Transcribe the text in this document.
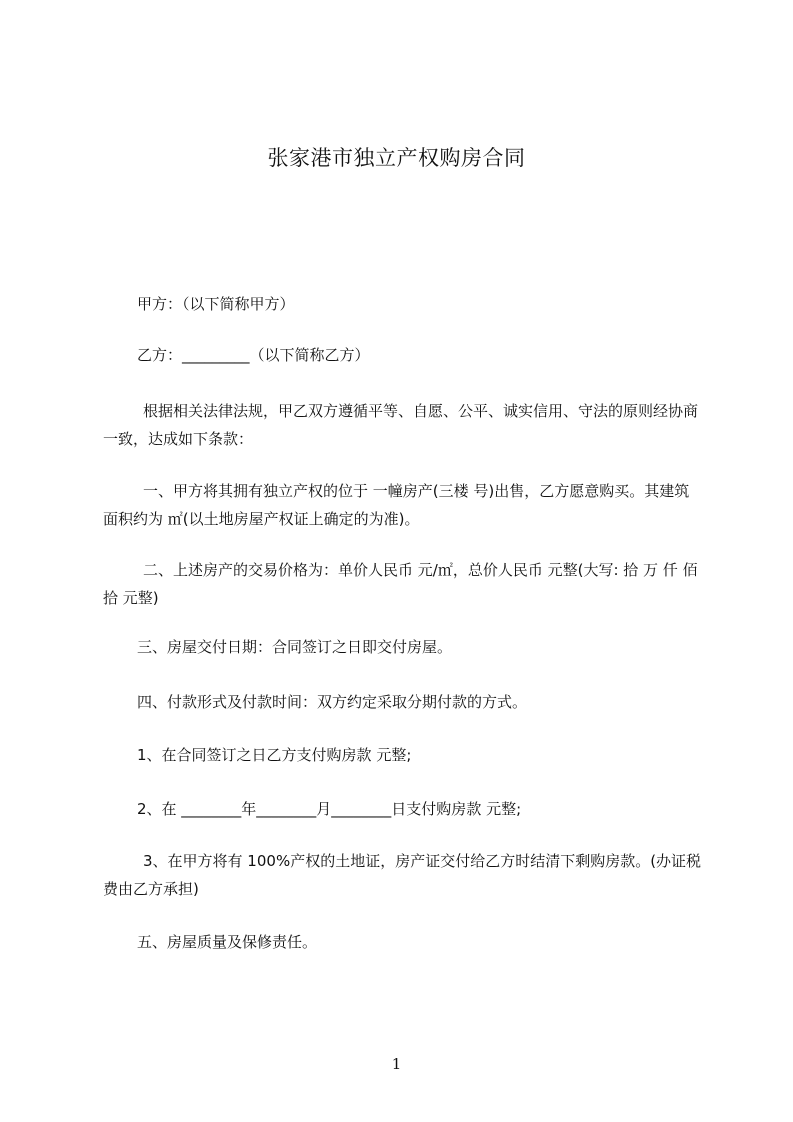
张家港市独立产权购房合同
甲方：（以下简称甲方）
乙方：_________（以下简称乙方）
根据相关法律法规，甲乙双方遵循平等、自愿、公平、诚实信用、守法的原则经协商一致，达成如下条款：
一、甲方将其拥有独立产权的位于 一幢房产(三楼 号)出售，乙方愿意购买。其建筑面积约为 ㎡(以土地房屋产权证上确定的为准)。
二、上述房产的交易价格为：单价人民币 元/㎡，总价人民币 元整(大写: 拾 万 仟 佰 拾 元整)
三、房屋交付日期：合同签订之日即交付房屋。
四、付款形式及付款时间：双方约定采取分期付款的方式。
1、在合同签订之日乙方支付购房款 元整;
2、在 ________年________月________日支付购房款 元整;
3、在甲方将有 100%产权的土地证，房产证交付给乙方时结清下剩购房款。(办证税费由乙方承担)
五、房屋质量及保修责任。
1
